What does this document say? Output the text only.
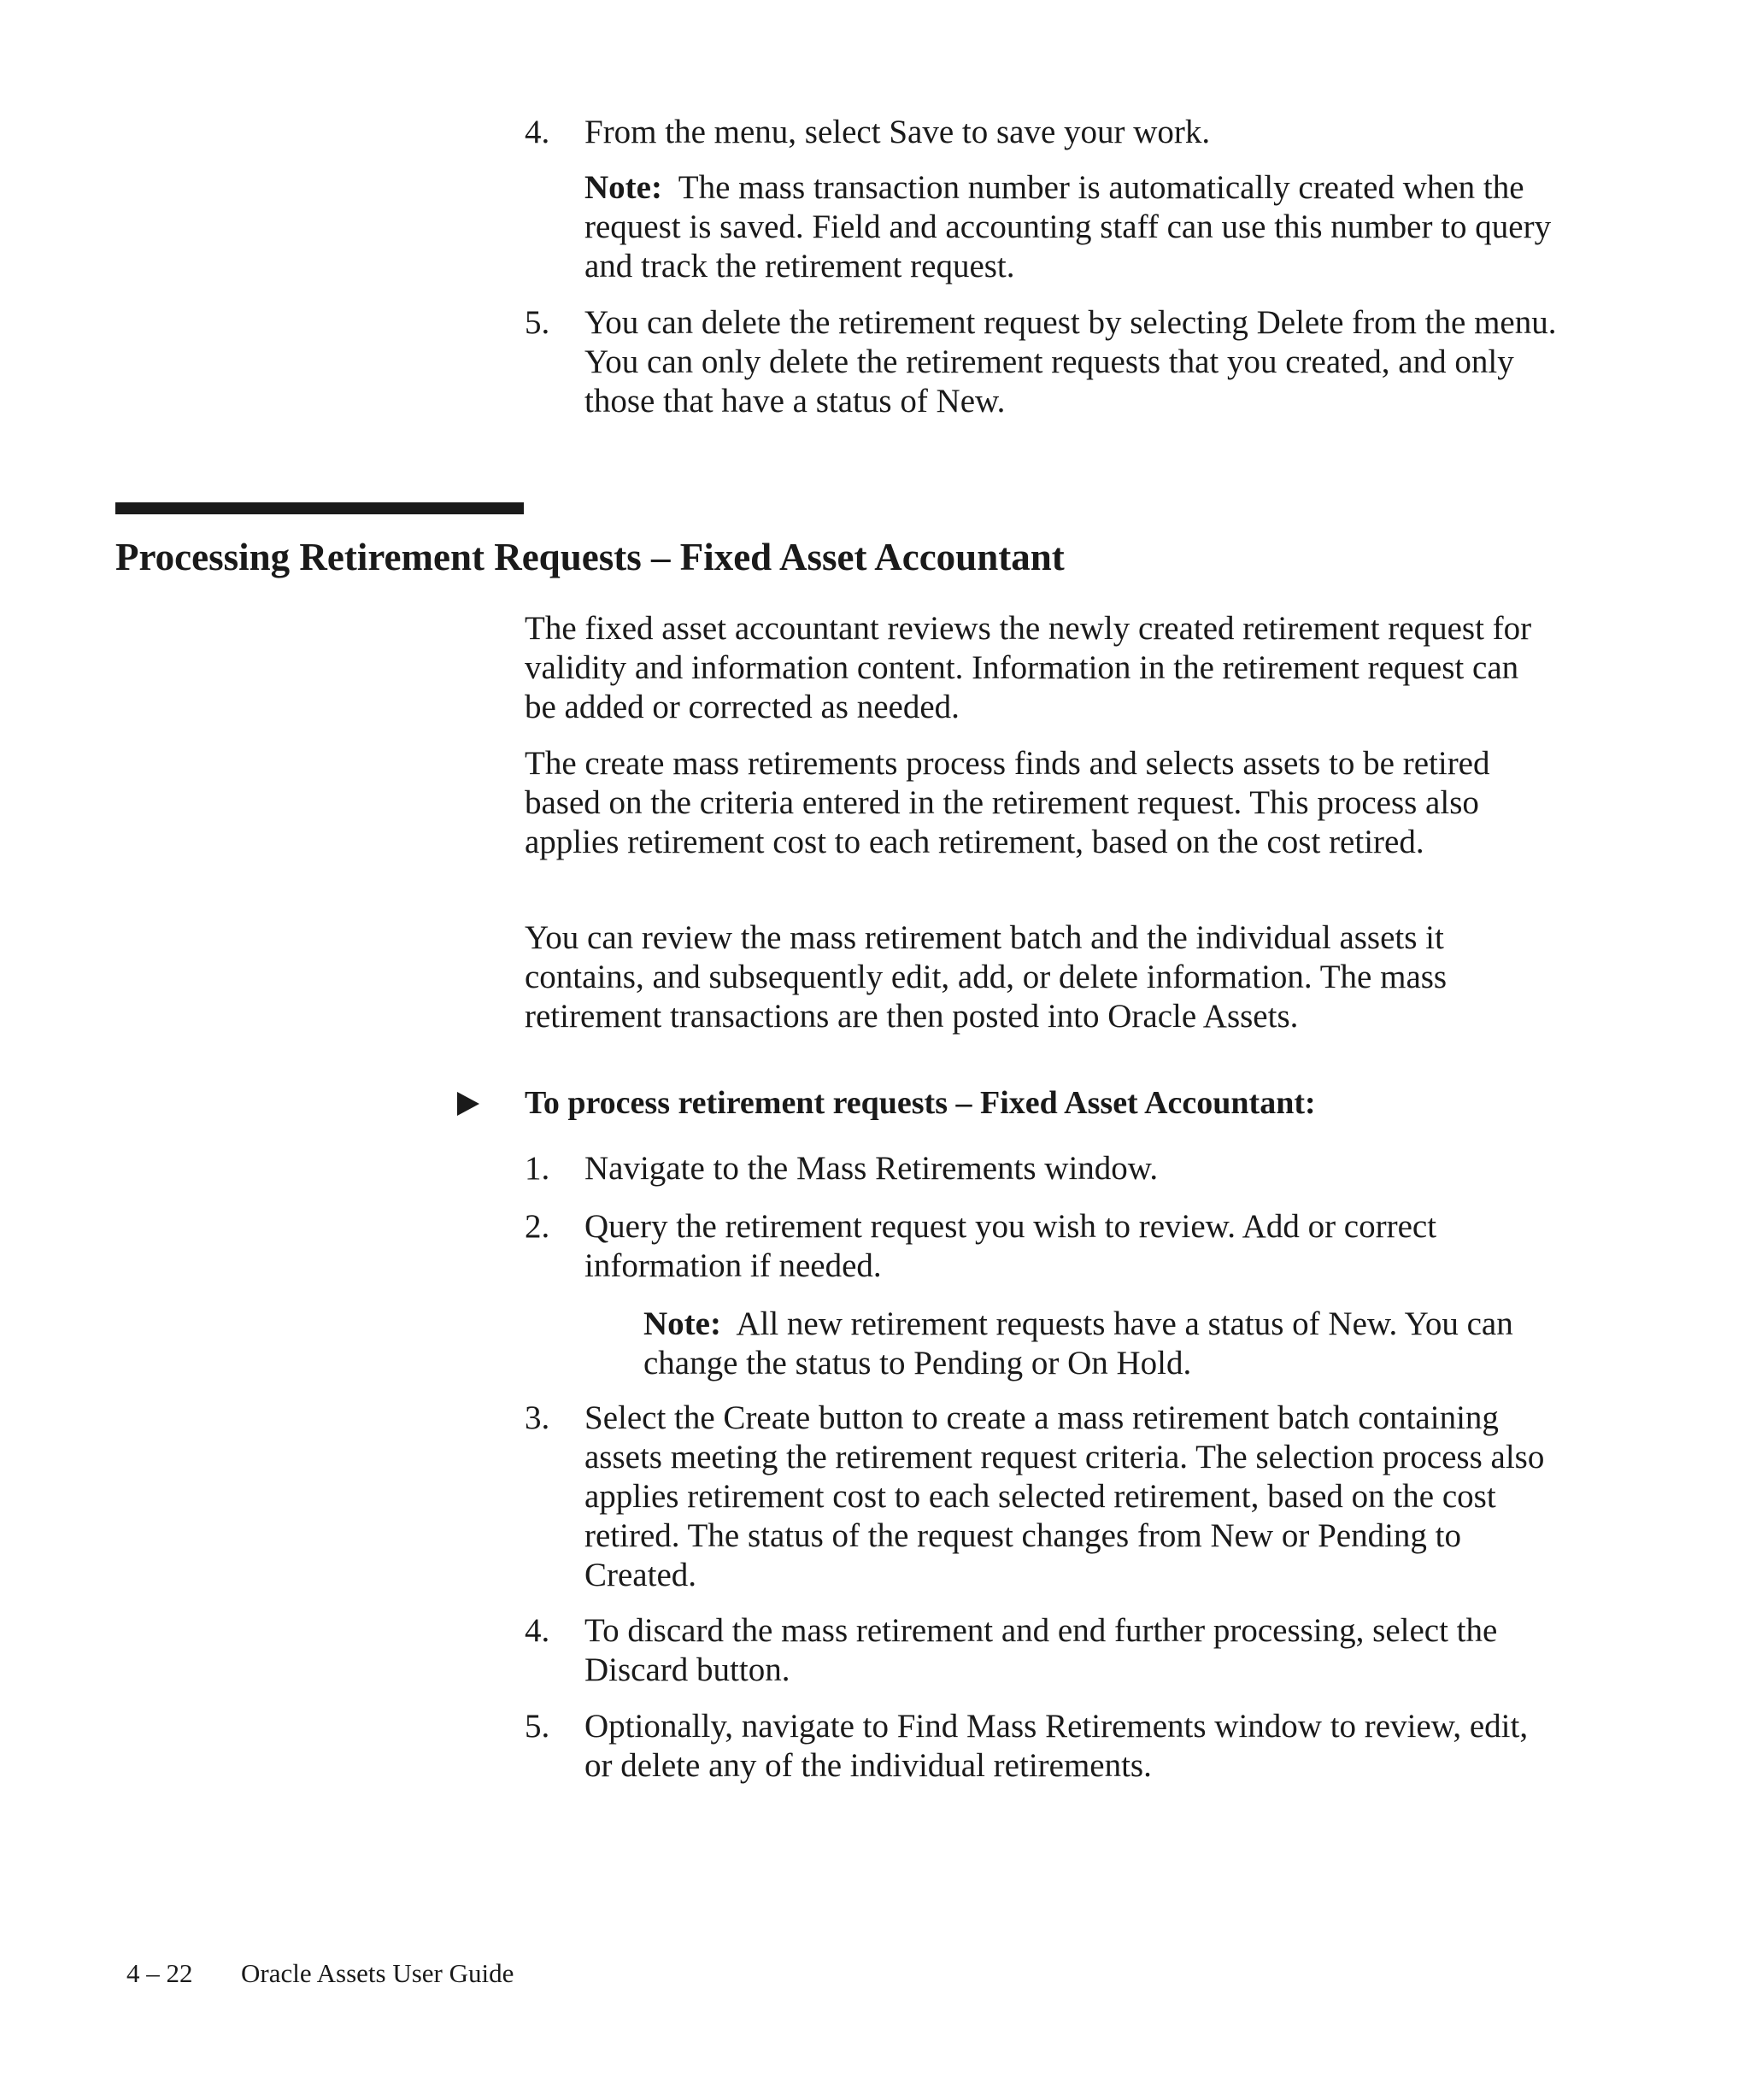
4.	From the menu, select Save to save your work.
Note: The mass transaction number is automatically created when the request is saved. Field and accounting staff can use this number to query and track the retirement request.
5.	You can delete the retirement request by selecting Delete from the menu. You can only delete the retirement requests that you created, and only those that have a status of New.
Processing Retirement Requests – Fixed Asset Accountant
The fixed asset accountant reviews the newly created retirement request for validity and information content. Information in the retirement request can be added or corrected as needed.
The create mass retirements process finds and selects assets to be retired based on the criteria entered in the retirement request. This process also applies retirement cost to each retirement, based on the cost retired.
You can review the mass retirement batch and the individual assets it contains, and subsequently edit, add, or delete information. The mass retirement transactions are then posted into Oracle Assets.
To process retirement requests – Fixed Asset Accountant:
1.	Navigate to the Mass Retirements window.
2.	Query the retirement request you wish to review. Add or correct information if needed.
Note: All new retirement requests have a status of New. You can change the status to Pending or On Hold.
3.	Select the Create button to create a mass retirement batch containing assets meeting the retirement request criteria. The selection process also applies retirement cost to each selected retirement, based on the cost retired. The status of the request changes from New or Pending to Created.
4.	To discard the mass retirement and end further processing, select the Discard button.
5.	Optionally, navigate to Find Mass Retirements window to review, edit, or delete any of the individual retirements.
4 – 22 Oracle Assets User Guide
